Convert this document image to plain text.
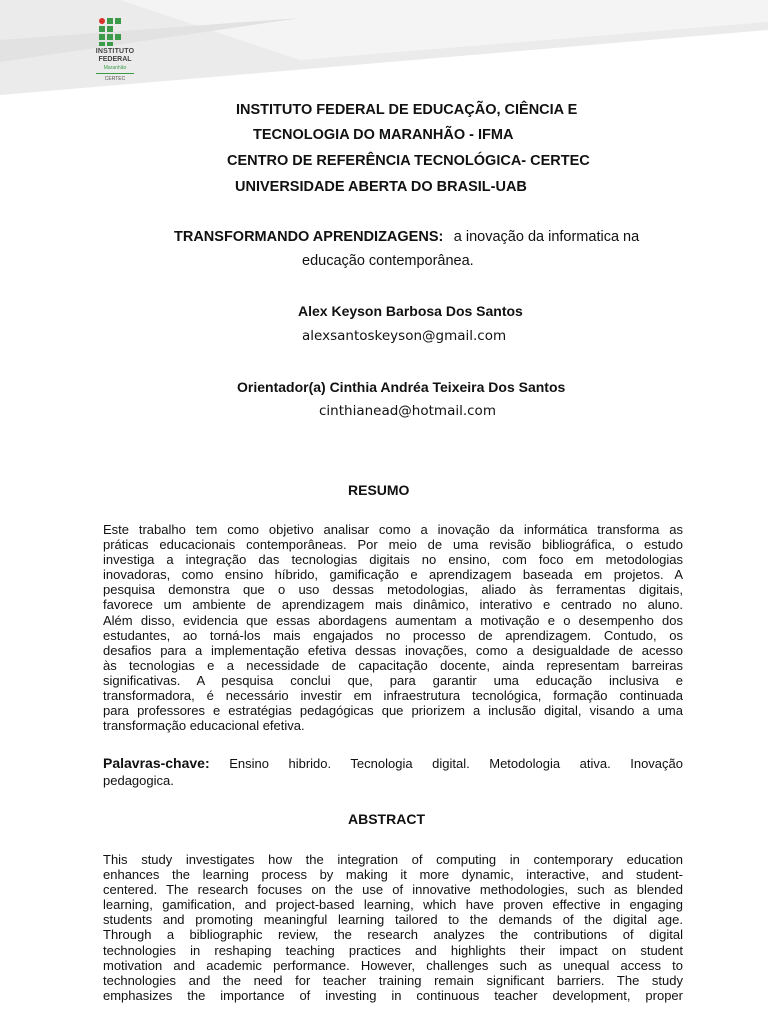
INSTITUTO
FEDERAL
Maranhão
CERTEC
INSTITUTO FEDERAL DE EDUCAÇÃO, CIÊNCIA E
TECNOLOGIA DO MARANHÃO - IFMA
CENTRO DE REFERÊNCIA TECNOLÓGICA- CERTEC
UNIVERSIDADE ABERTA DO BRASIL-UAB
TRANSFORMANDO APRENDIZAGENS: a inovação da informatica na
educação contemporânea.
Alex Keyson Barbosa Dos Santos
alexsantoskeyson@gmail.com
Orientador(a) Cinthia Andréa Teixeira Dos Santos
cinthianead@hotmail.com
RESUMO
Este trabalho tem como objetivo analisar como a inovação da informática transforma as
práticas educacionais contemporâneas. Por meio de uma revisão bibliográfica, o estudo
investiga a integração das tecnologias digitais no ensino, com foco em metodologias
inovadoras, como ensino híbrido, gamificação e aprendizagem baseada em projetos. A
pesquisa demonstra que o uso dessas metodologias, aliado às ferramentas digitais,
favorece um ambiente de aprendizagem mais dinâmico, interativo e centrado no aluno.
Além disso, evidencia que essas abordagens aumentam a motivação e o desempenho dos
estudantes, ao torná-los mais engajados no processo de aprendizagem. Contudo, os
desafios para a implementação efetiva dessas inovações, como a desigualdade de acesso
às tecnologias e a necessidade de capacitação docente, ainda representam barreiras
significativas. A pesquisa conclui que, para garantir uma educação inclusiva e
transformadora, é necessário investir em infraestrutura tecnológica, formação continuada
para professores e estratégias pedagógicas que priorizem a inclusão digital, visando a uma
transformação educacional efetiva.
Palavras-chave: Ensino hibrido. Tecnologia digital. Metodologia ativa. Inovação
pedagogica.
ABSTRACT
This study investigates how the integration of computing in contemporary education
enhances the learning process by making it more dynamic, interactive, and student-
centered. The research focuses on the use of innovative methodologies, such as blended
learning, gamification, and project-based learning, which have proven effective in engaging
students and promoting meaningful learning tailored to the demands of the digital age.
Through a bibliographic review, the research analyzes the contributions of digital
technologies in reshaping teaching practices and highlights their impact on student
motivation and academic performance. However, challenges such as unequal access to
technologies and the need for teacher training remain significant barriers. The study
emphasizes the importance of investing in continuous teacher development, proper
